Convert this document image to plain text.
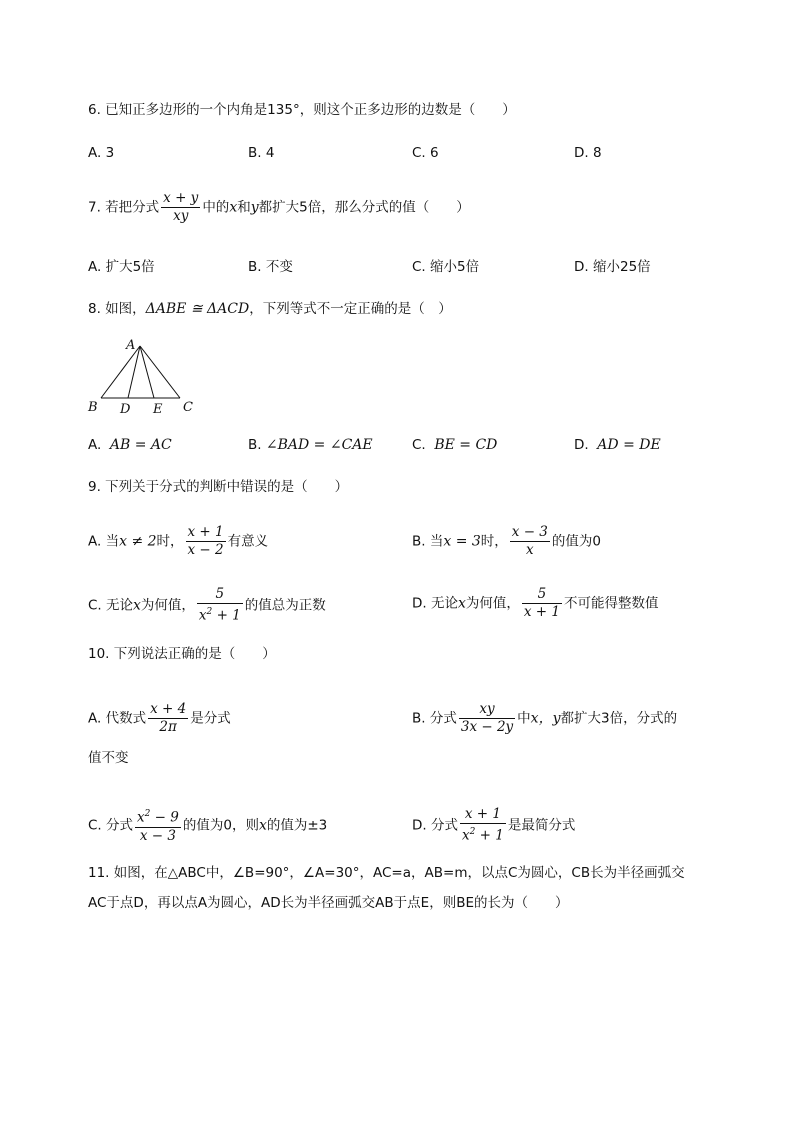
6. 已知正多边形的一个内角是135°，则这个正多边形的边数是（　　）
A. 3	B. 4	C. 6	D. 8
7. 若把分式 $\frac{x + y}{xy}$ 中的x和y都扩大5倍，那么分式的值（　　）
A. 扩大5倍	B. 不变	C. 缩小5倍	D. 缩小25倍
8. 如图，ΔABE ≅ ΔACD，下列等式不一定正确的是（　）
A
B D E C
A. AB = AC	B. ∠BAD = ∠CAE	C. BE = CD	D. AD = DE
9. 下列关于分式的判断中错误的是（　　）
A. 当x ≠ 2时， $\frac{x + 1}{x - 2}$ 有意义	B. 当x = 3时， $\frac{x - 3}{x}$ 的值为0
C. 无论x为何值， $\frac{5}{x^2 + 1}$ 的值总为正数	D. 无论x为何值， $\frac{5}{x + 1}$ 不可能得整数值
10. 下列说法正确的是（　　）
A. 代数式 $\frac{x + 4}{2\pi}$ 是分式	B. 分式 $\frac{xy}{3x - 2y}$ 中x，y都扩大3倍，分式的
值不变
C. 分式 $\frac{x^2 - 9}{x - 3}$ 的值为0，则x的值为±3	D. 分式 $\frac{x + 1}{x^2 + 1}$ 是最简分式
11. 如图，在△ABC中，∠B=90°，∠A=30°，AC=a，AB=m，以点C为圆心，CB长为半径画弧交
AC于点D，再以点A为圆心，AD长为半径画弧交AB于点E，则BE的长为（　　）
